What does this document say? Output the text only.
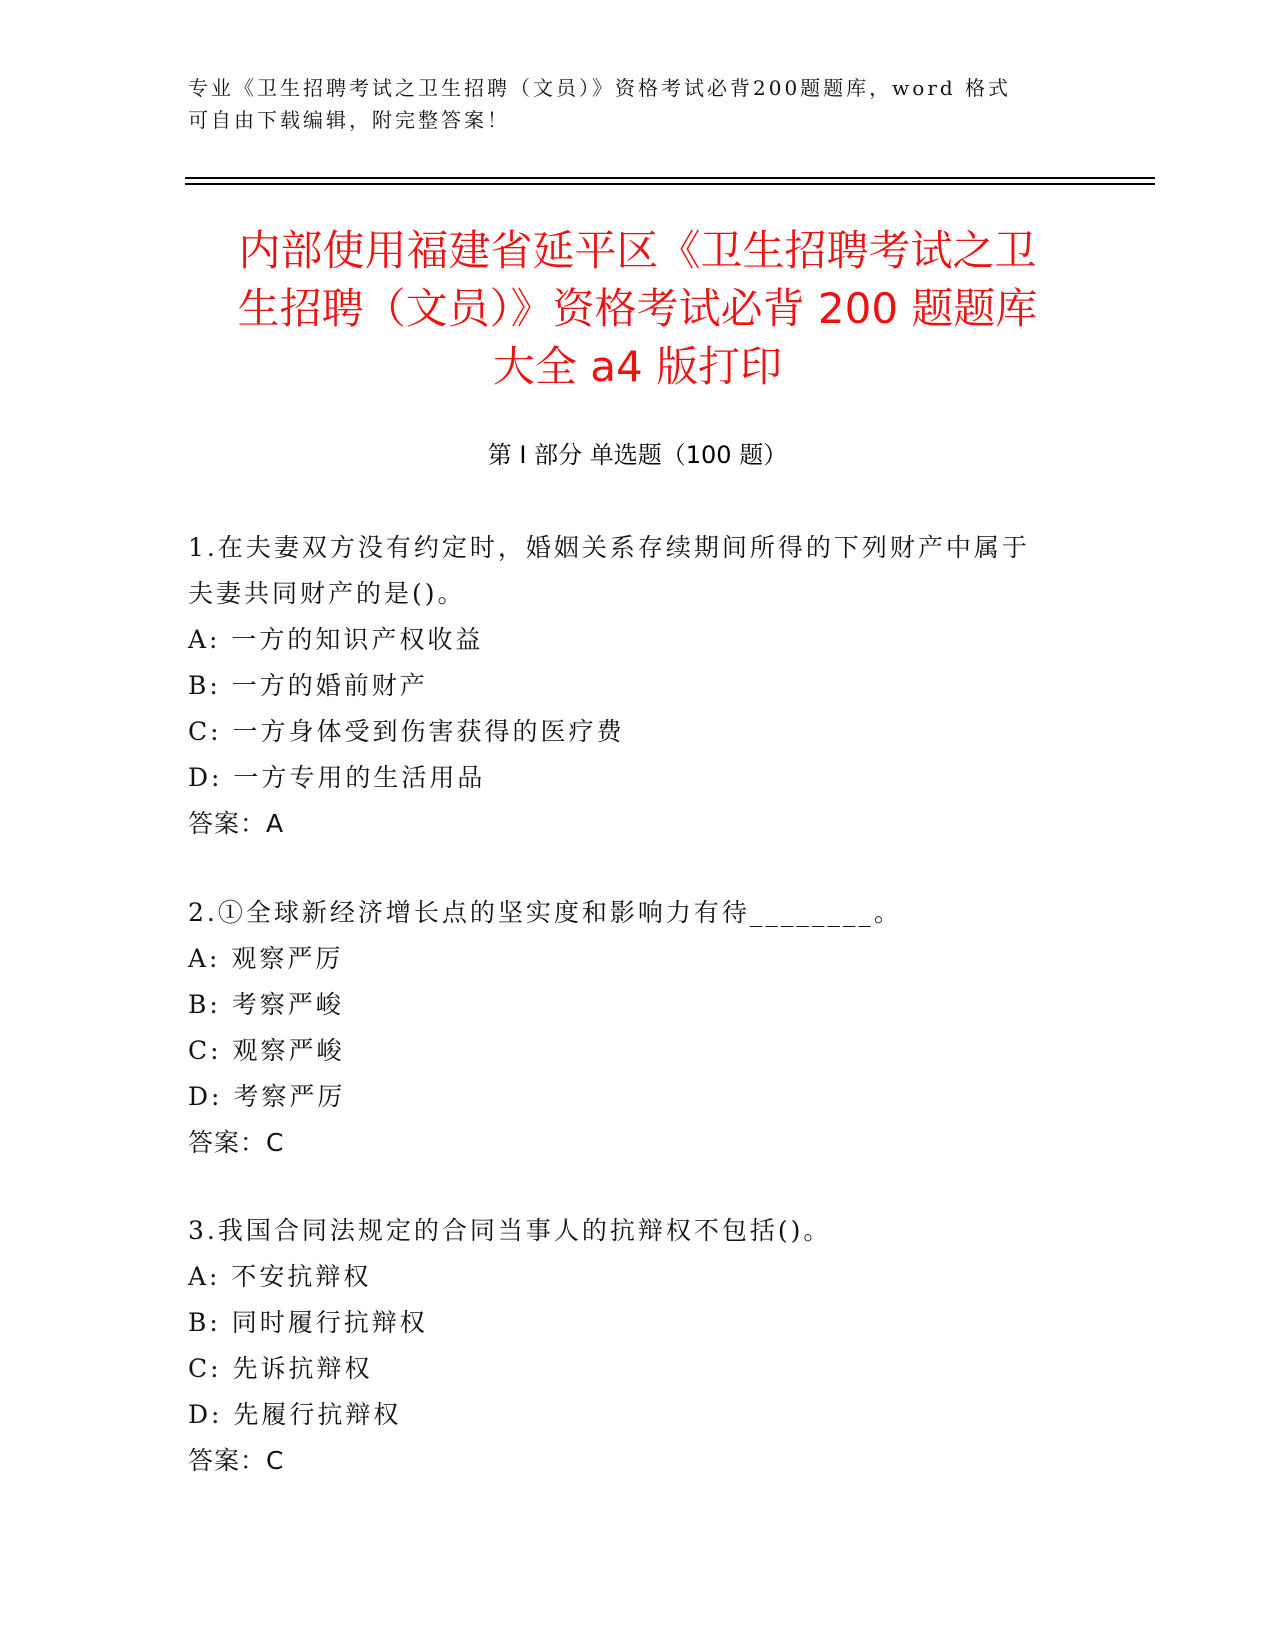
专业《卫生招聘考试之卫生招聘（文员）》资格考试必背200题题库，word 格式
可自由下载编辑，附完整答案！
内部使用福建省延平区《卫生招聘考试之卫
生招聘（文员）》资格考试必背 200 题题库
大全 a4 版打印
第 I 部分 单选题（100 题）
1.在夫妻双方没有约定时，婚姻关系存续期间所得的下列财产中属于
夫妻共同财产的是()。
A: 一方的知识产权收益
B: 一方的婚前财产
C: 一方身体受到伤害获得的医疗费
D: 一方专用的生活用品
答案：A
2.①全球新经济增长点的坚实度和影响力有待________。
A: 观察严厉
B: 考察严峻
C: 观察严峻
D: 考察严厉
答案：C
3.我国合同法规定的合同当事人的抗辩权不包括()。
A: 不安抗辩权
B: 同时履行抗辩权
C: 先诉抗辩权
D: 先履行抗辩权
答案：C
